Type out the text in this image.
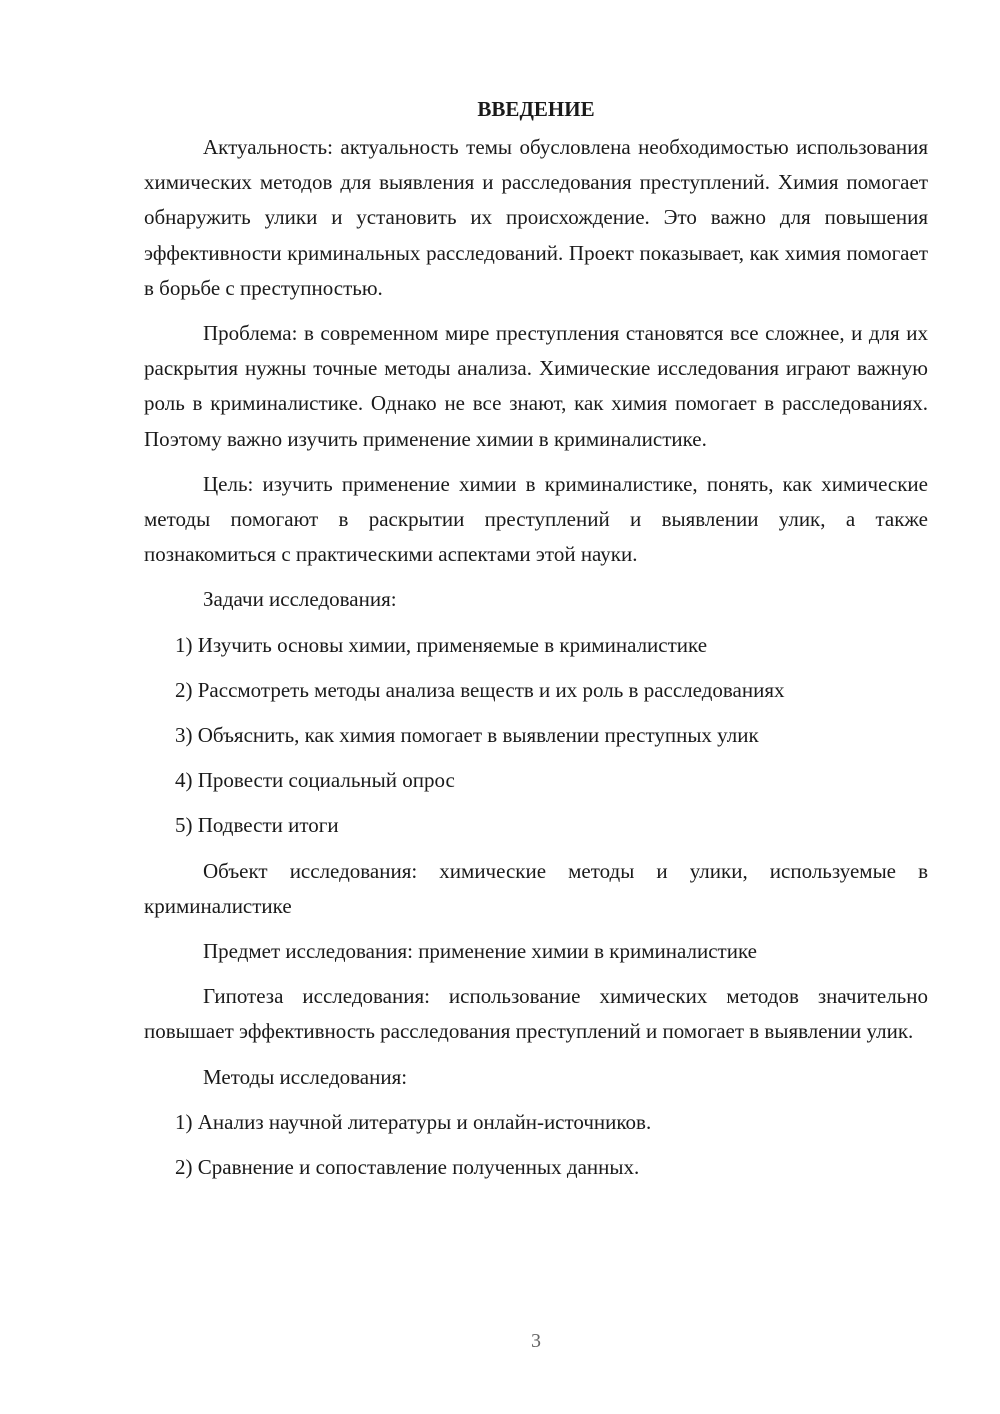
ВВЕДЕНИЕ

Актуальность: актуальность темы обусловлена необходимостью использования химических методов для выявления и расследования преступлений. Химия помогает обнаружить улики и установить их происхождение. Это важно для повышения эффективности криминальных расследований. Проект показывает, как химия помогает в борьбе с преступностью.

Проблема: в современном мире преступления становятся все сложнее, и для их раскрытия нужны точные методы анализа. Химические исследования играют важную роль в криминалистике. Однако не все знают, как химия помогает в расследованиях. Поэтому важно изучить применение химии в криминалистике.

Цель: изучить применение химии в криминалистике, понять, как химические методы помогают в раскрытии преступлений и выявлении улик, а также познакомиться с практическими аспектами этой науки.

Задачи исследования:
1) Изучить основы химии, применяемые в криминалистике
2) Рассмотреть методы анализа веществ и их роль в расследованиях
3) Объяснить, как химия помогает в выявлении преступных улик
4) Провести социальный опрос
5) Подвести итоги

Объект исследования: химические методы и улики, используемые в криминалистике

Предмет исследования: применение химии в криминалистике

Гипотеза исследования: использование химических методов значительно повышает эффективность расследования преступлений и помогает в выявлении улик.

Методы исследования:
1) Анализ научной литературы и онлайн-источников.
2) Сравнение и сопоставление полученных данных.
3
